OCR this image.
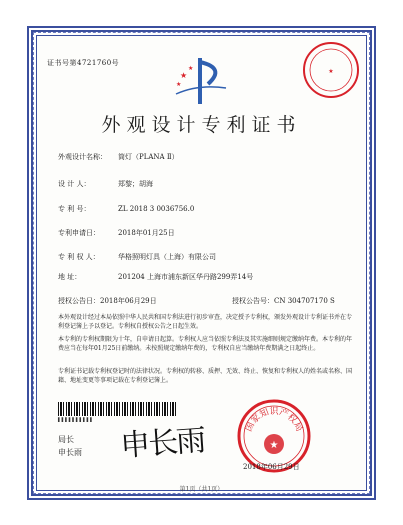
证书号第4721760号
★
★
★
★
外观设计专利证书
外观设计名称： 筒灯（PLANA Ⅱ）
设 计 人：	郑黎；胡海
专 利 号：	ZL 2018 3 0036756.0
专利申请日：	2018年01月25日
专 利 权 人：	华格照明灯具（上海）有限公司
地 址：	201204 上海市浦东新区华丹路299弄14号
授权公告日：2018年06月29日	授权公告号：CN 304707170 S
本外观设计经过本局依照中华人民共和国专利法进行初步审查，决定授予专利权，颁发外观设计专利证书并在专利登记簿上予以登记。专利权自授权公告之日起生效。
本专利的专利权期限为十年，自申请日起算。专利权人应当依照专利法及其实施细则规定缴纳年费。本专利的年费应当在每年01月25日前缴纳。未按照规定缴纳年费的，专利权自应当缴纳年费期满之日起终止。
专利证书记载专利权登记时的法律状况。专利权的转移、质押、无效、终止、恢复和专利权人的姓名或名称、国籍、地址变更等事项记载在专利登记簿上。
▌▌▌▌▌▌▌▌▌▌
局长
申长雨 申长雨	国家知识产权局
★
2018年06月29日
第1页（共1页）
